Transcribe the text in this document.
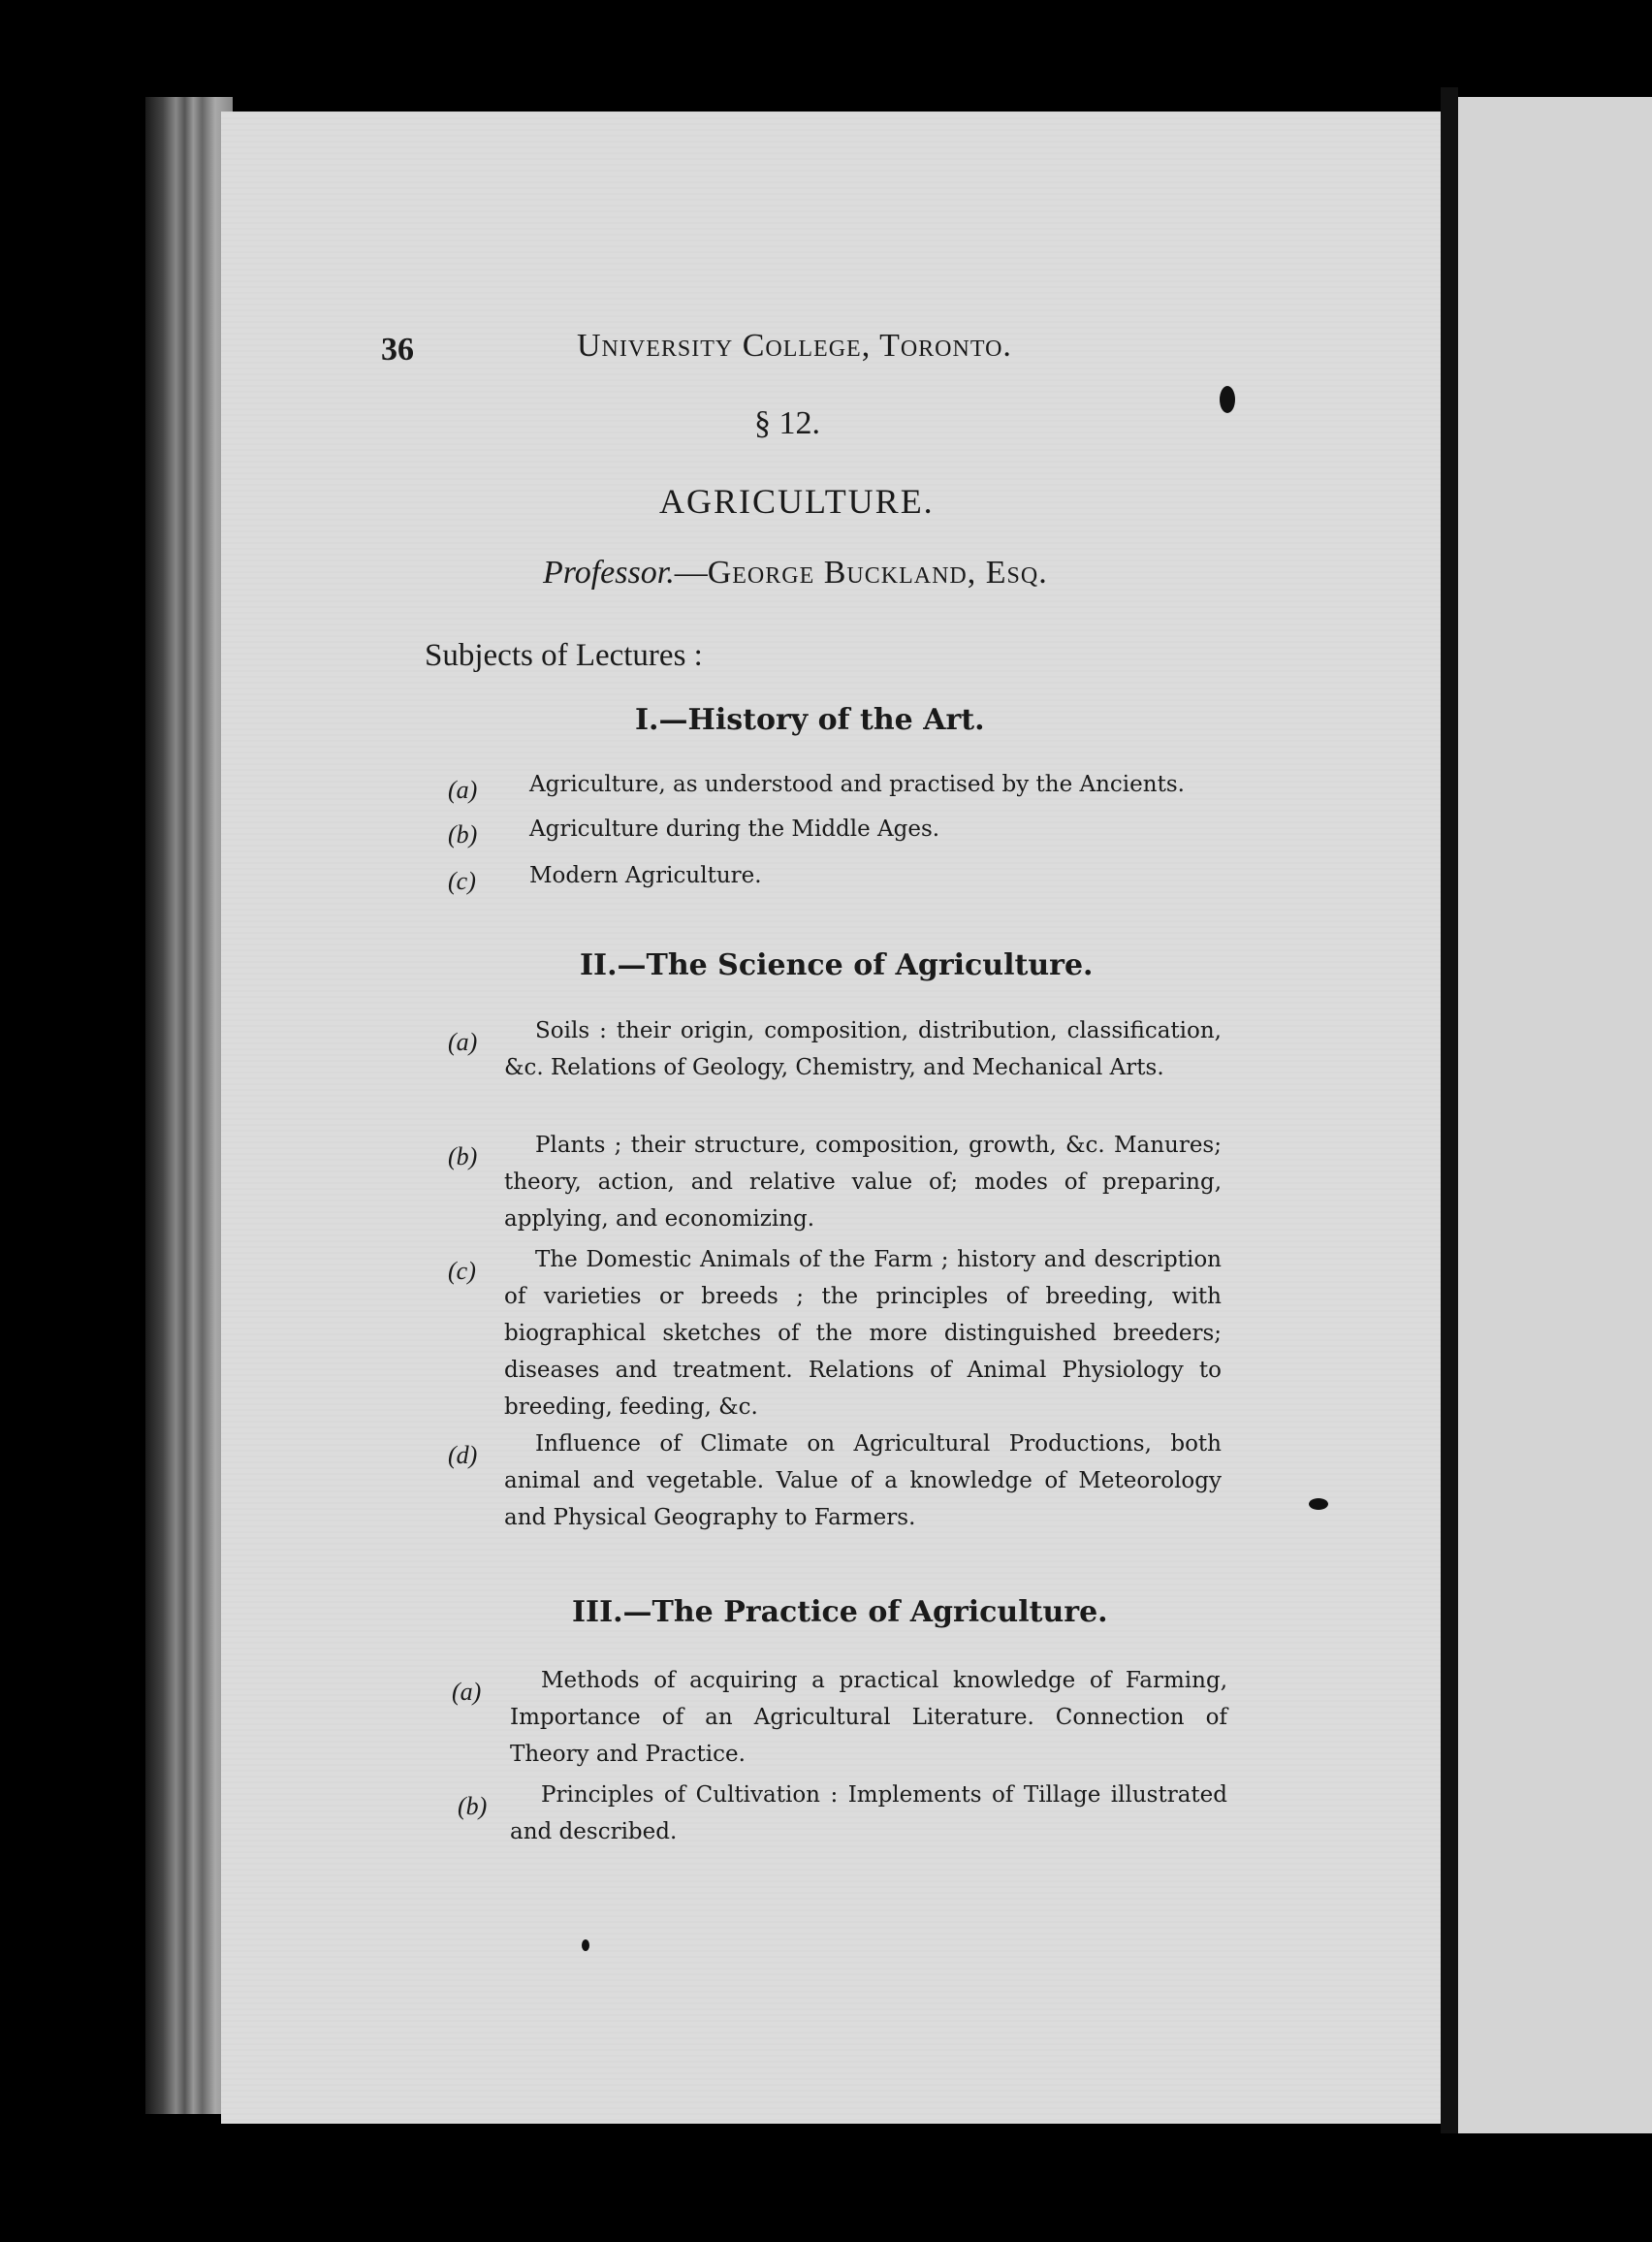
36	University College, Toronto.
§ 12.
AGRICULTURE.
Professor.—George Buckland, Esq.
Subjects of Lectures :
I.—History of the Art.
(a) Agriculture, as understood and practised by the Ancients.
(b) Agriculture during the Middle Ages.
(c) Modern Agriculture.
II.—The Science of Agriculture.
(a)	Soils : their origin, composition, distribution, classification, &c. Relations of Geology, Chemistry, and Mechanical Arts.
(b)	Plants ; their structure, composition, growth, &c. Manures; theory, action, and relative value of; modes of preparing, applying, and economizing.
(c)	The Domestic Animals of the Farm ; history and description of varieties or breeds ; the principles of breeding, with biographical sketches of the more distinguished breeders; diseases and treatment. Relations of Animal Physiology to breeding, feeding, &c.
(d)	Influence of Climate on Agricultural Productions, both animal and vegetable. Value of a knowledge of Meteorology and Physical Geography to Farmers.
III.—The Practice of Agriculture.
(a)	Methods of acquiring a practical knowledge of Farming, Importance of an Agricultural Literature. Connection of Theory and Practice.
(b)	Principles of Cultivation : Implements of Tillage illustrated and described.
